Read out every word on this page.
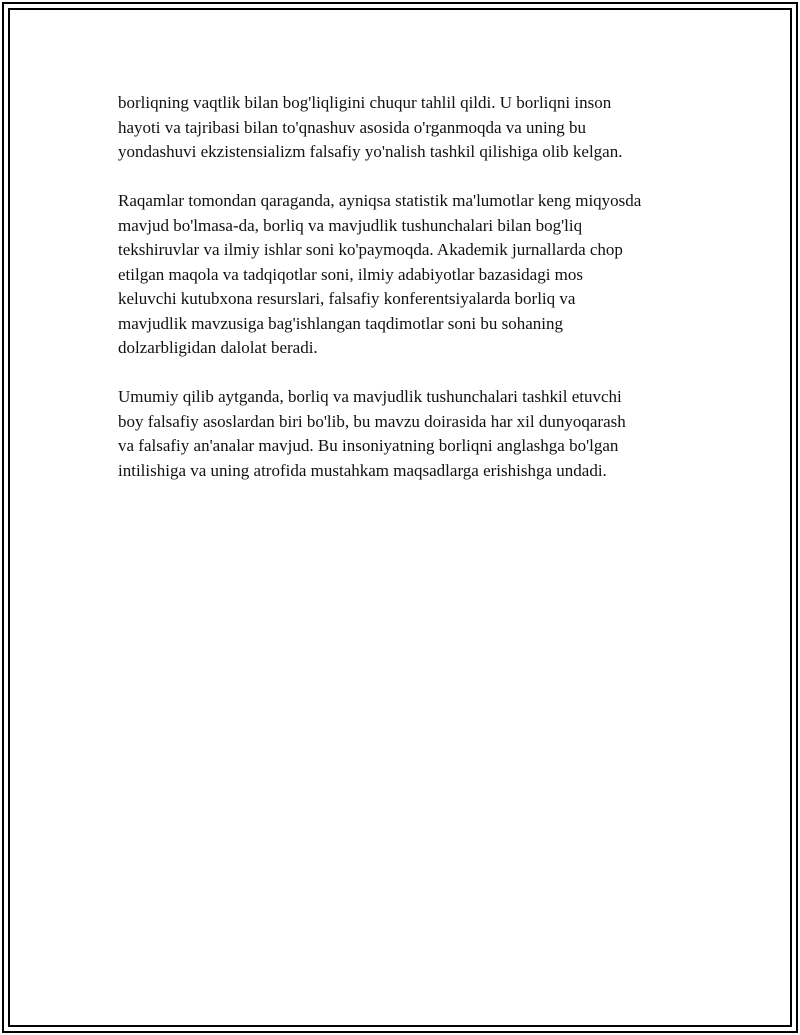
borliqning vaqtlik bilan bog'liqligini chuqur tahlil qildi. U borliqni inson
hayoti va tajribasi bilan to'qnashuv asosida o'rganmoqda va uning bu
yondashuvi ekzistensializm falsafiy yo'nalish tashkil qilishiga olib kelgan.

Raqamlar tomondan qaraganda, ayniqsa statistik ma'lumotlar keng miqyosda
mavjud bo'lmasa-da, borliq va mavjudlik tushunchalari bilan bog'liq
tekshiruvlar va ilmiy ishlar soni ko'paymoqda. Akademik jurnallarda chop
etilgan maqola va tadqiqotlar soni, ilmiy adabiyotlar bazasidagi mos
keluvchi kutubxona resurslari, falsafiy konferentsiyalarda borliq va
mavjudlik mavzusiga bag'ishlangan taqdimotlar soni bu sohaning
dolzarbligidan dalolat beradi.

Umumiy qilib aytganda, borliq va mavjudlik tushunchalari tashkil etuvchi
boy falsafiy asoslardan biri bo'lib, bu mavzu doirasida har xil dunyoqarash
va falsafiy an'analar mavjud. Bu insoniyatning borliqni anglashga bo'lgan
intilishiga va uning atrofida mustahkam maqsadlarga erishishga undadi.
